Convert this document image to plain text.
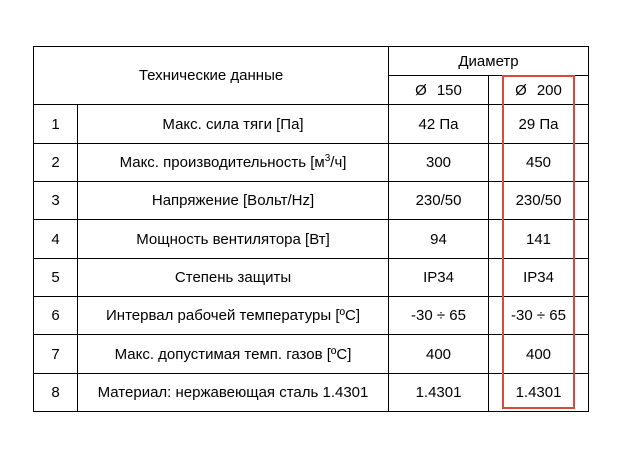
Технические данные		Диаметр	
		Ø 150	Ø 200
1	Макс. сила тяги [Па]	42 Па	29 Па
2	Макс. производительность $[м^3/ч]$	300	450
3	Напряжение [Вольт/Hz]	230/50	230/50
4	Мощность вентилятора [Вт]	94	141
5	Степень защиты	IP34	IP34
6	Интервал рабочей температуры [ºC]	-30 ÷ 65	-30 ÷ 65
7	Макс. допустимая темп. газов [ºC]	400	400
8	Материал: нержавеющая сталь 1.4301	1.4301	1.4301
